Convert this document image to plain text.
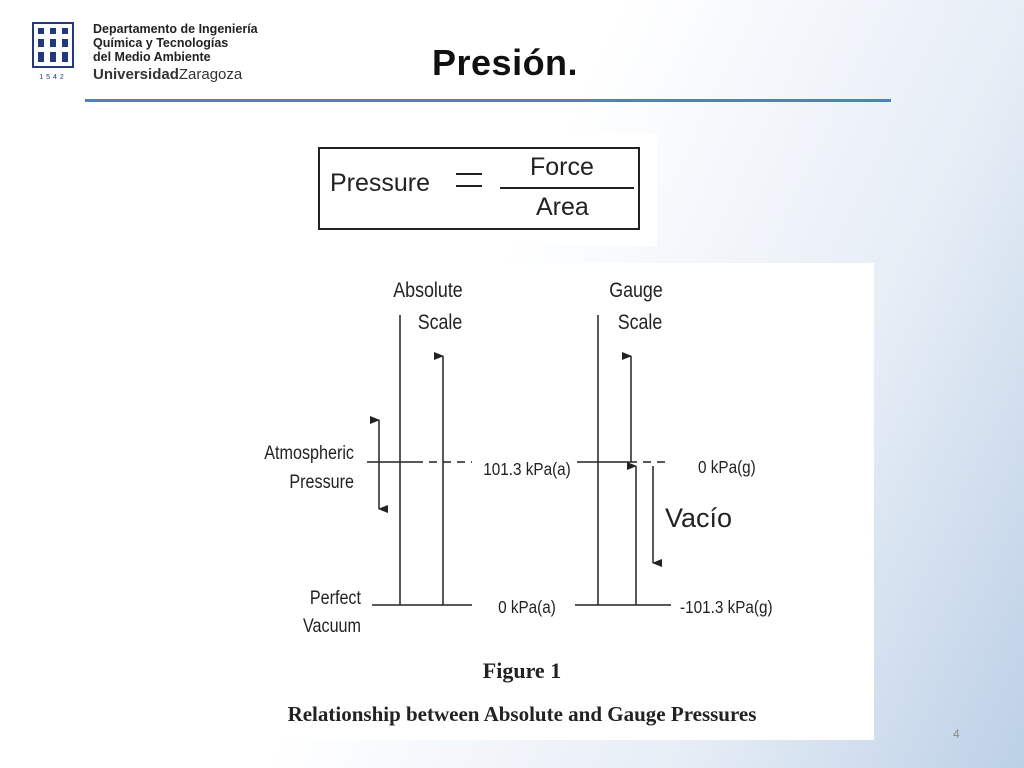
1542
Departamento de Ingeniería
Química y Tecnologías
del Medio Ambiente
UniversidadZaragoza	Presión.
Pressure
Force
Area
Absolute
Scale
Gauge
Scale
Atmospheric
Pressure
Perfect
Vacuum
101.3 kPa(a)
0 kPa(a)
0 kPa(g)
-101.3 kPa(g)
Vacío
Figure 1
Relationship between Absolute and Gauge Pressures
4
